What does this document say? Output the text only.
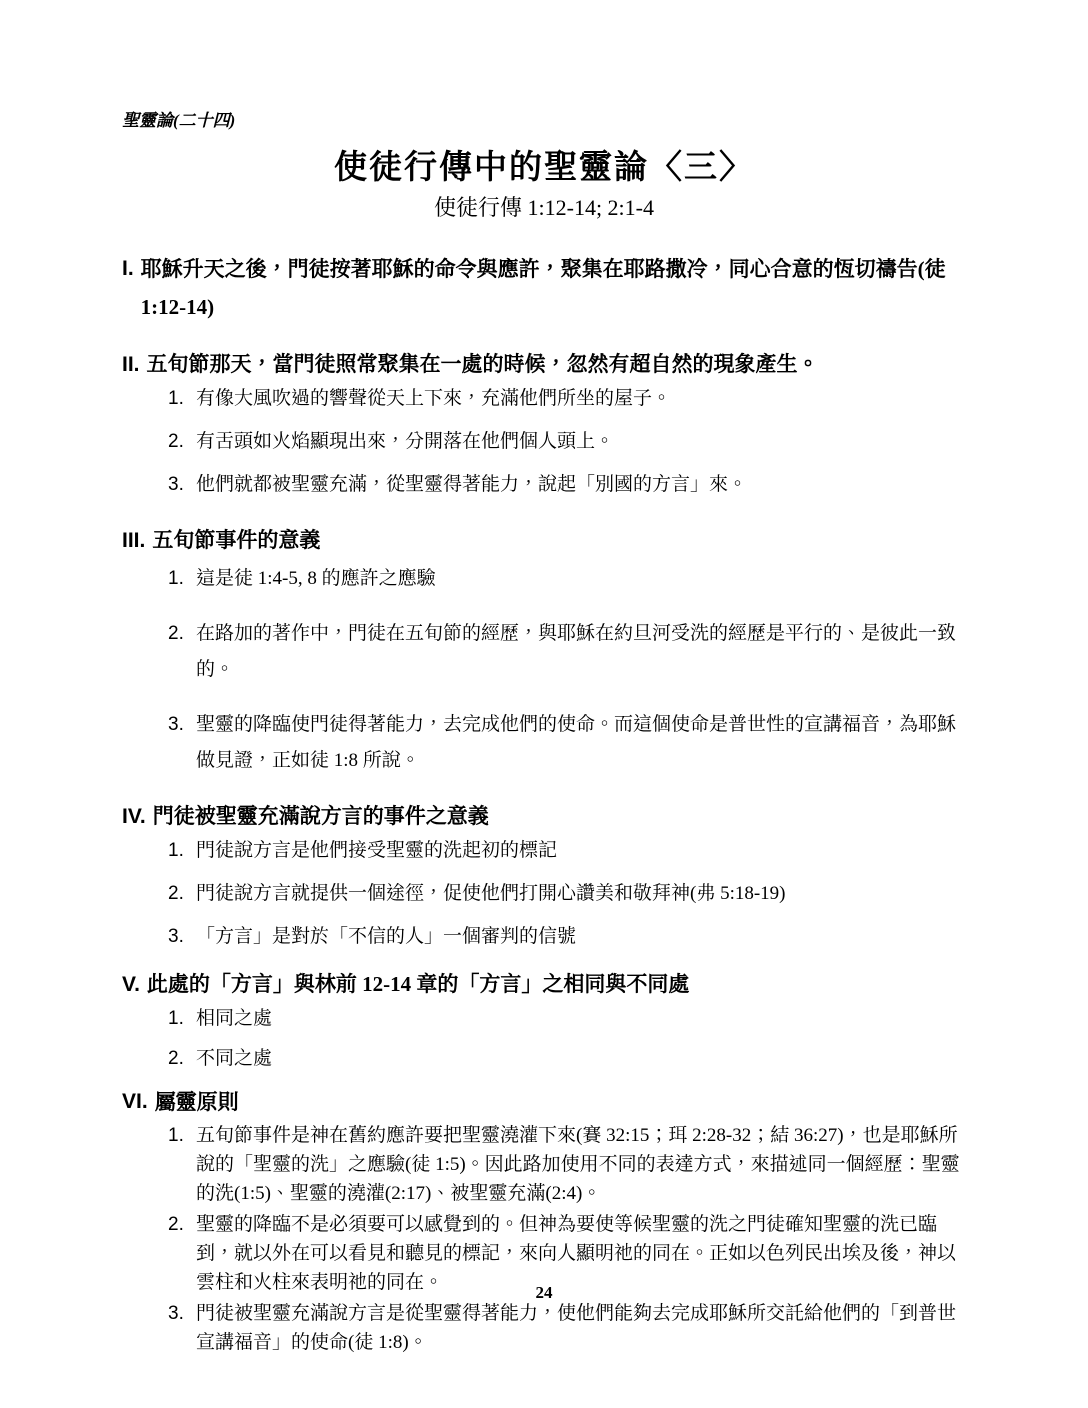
聖靈論(二十四)
使徒行傳中的聖靈論〈三〉
使徒行傳 1:12-14; 2:1-4
I. 耶穌升天之後，門徒按著耶穌的命令與應許，聚集在耶路撒冷，同心合意的恆切禱告(徒 1:12-14)
II. 五旬節那天，當門徒照常聚集在一處的時候，忽然有超自然的現象產生。
1. 有像大風吹過的響聲從天上下來，充滿他們所坐的屋子。
2. 有舌頭如火焰顯現出來，分開落在他們個人頭上。
3. 他們就都被聖靈充滿，從聖靈得著能力，說起「別國的方言」來。
III. 五旬節事件的意義
1. 這是徒 1:4-5, 8 的應許之應驗
2. 在路加的著作中，門徒在五旬節的經歷，與耶穌在約旦河受洗的經歷是平行的、是彼此一致的。
3. 聖靈的降臨使門徒得著能力，去完成他們的使命。而這個使命是普世性的宣講福音，為耶穌做見證，正如徒 1:8 所說。
IV. 門徒被聖靈充滿說方言的事件之意義
1. 門徒說方言是他們接受聖靈的洗起初的標記
2. 門徒說方言就提供一個途徑，促使他們打開心讚美和敬拜神(弗 5:18-19)
3. 「方言」是對於「不信的人」一個審判的信號
V. 此處的「方言」與林前 12-14 章的「方言」之相同與不同處
1. 相同之處
2. 不同之處
VI. 屬靈原則
1. 五旬節事件是神在舊約應許要把聖靈澆灌下來(賽 32:15；珥 2:28-32；結 36:27)，也是耶穌所說的「聖靈的洗」之應驗(徒 1:5)。因此路加使用不同的表達方式，來描述同一個經歷：聖靈的洗(1:5)、聖靈的澆灌(2:17)、被聖靈充滿(2:4)。
2. 聖靈的降臨不是必須要可以感覺到的。但神為要使等候聖靈的洗之門徒確知聖靈的洗已臨到，就以外在可以看見和聽見的標記，來向人顯明祂的同在。正如以色列民出埃及後，神以雲柱和火柱來表明祂的同在。
3. 門徒被聖靈充滿說方言是從聖靈得著能力，使他們能夠去完成耶穌所交託給他們的「到普世宣講福音」的使命(徒 1:8)。
24
